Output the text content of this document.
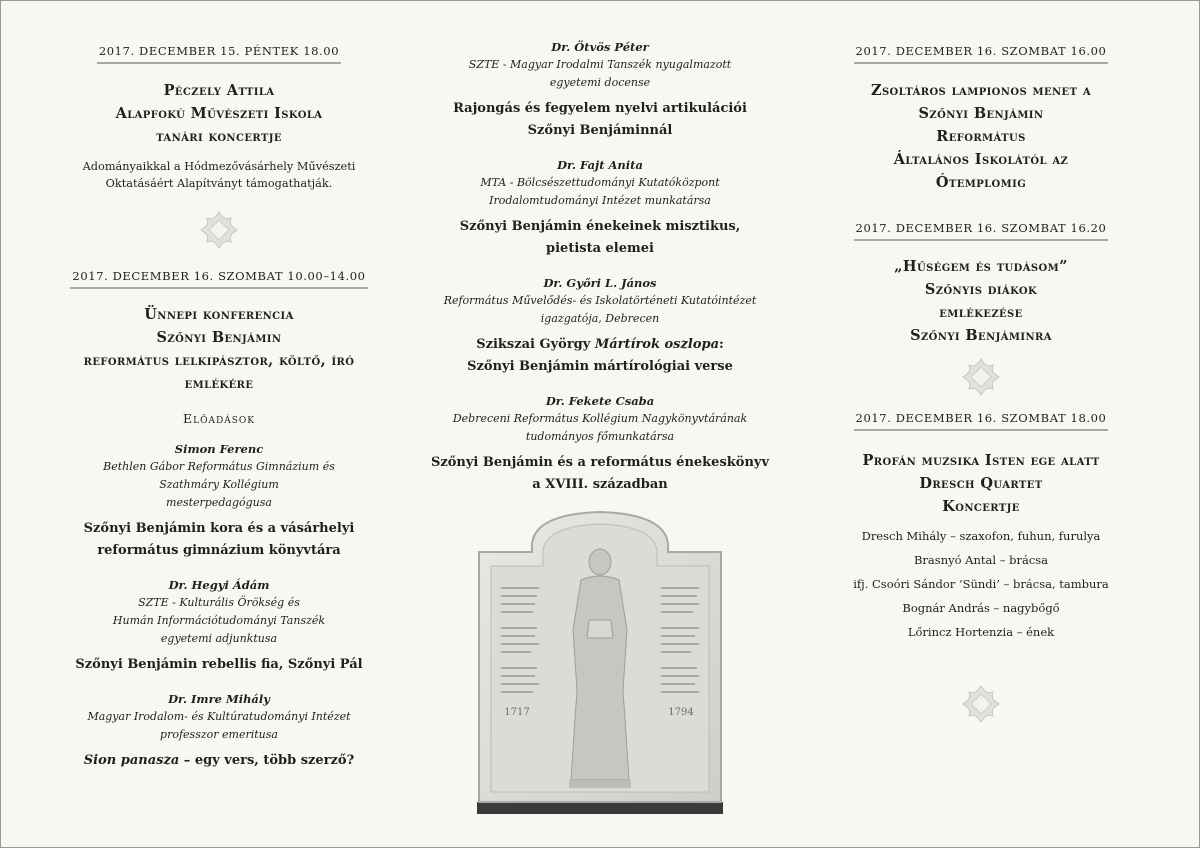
2017. DECEMBER 15. PÉNTEK 18.00
Péczely Attila
Alapfokú Művészeti Iskola
tanári koncertje
Adományaikkal a Hódmezővásárhely Művészeti
Oktatásáért Alapítványt támogathatják.
2017. DECEMBER 16. SZOMBAT 10.00–14.00
Ünnepi konferencia
Szőnyi Benjámin
református lelkipásztor, költő, író
emlékére
Előadások
Simon Ferenc
Bethlen Gábor Református Gimnázium és
Szathmáry Kollégium
mesterpedagógusa
Szőnyi Benjámin kora és a vásárhelyi
református gimnázium könyvtára
Dr. Hegyi Ádám
SZTE - Kulturális Örökség és
Humán Információtudományi Tanszék
egyetemi adjunktusa
Szőnyi Benjámin rebellis fia, Szőnyi Pál
Dr. Imre Mihály
Magyar Irodalom- és Kultúratudományi Intézet
professzor emeritusa
Sion panasza – egy vers, több szerző?
Dr. Ötvös Péter
SZTE - Magyar Irodalmi Tanszék nyugalmazott
egyetemi docense
Rajongás és fegyelem nyelvi artikulációi
Szőnyi Benjáminnál
Dr. Fajt Anita
MTA - Bölcsészettudományi Kutatóközpont
Irodalomtudományi Intézet munkatársa
Szőnyi Benjámin énekeinek misztikus,
pietista elemei
Dr. Győri L. János
Református Művelődés- és Iskolatörténeti Kutatóintézet
igazgatója, Debrecen
Szikszai György Mártírok oszlopa:
Szőnyi Benjámin mártírológiai verse
Dr. Fekete Csaba
Debreceni Református Kollégium Nagykönyvtárának
tudományos főmunkatársa
Szőnyi Benjámin és a református énekeskönyv
a XVIII. században
1717	1794
2017. DECEMBER 16. SZOMBAT 16.00
Zsoltáros lampionos menet a
Szőnyi Benjámin
Református
Általános Iskolától az
Ótemplomig
2017. DECEMBER 16. SZOMBAT 16.20
„Hűségem és tudásom”
Szőnyis diákok
emlékezése
Szőnyi Benjáminra
2017. DECEMBER 16. SZOMBAT 18.00
Profán muzsika Isten ege alatt
Dresch Quartet
Koncertje
Dresch Mihály – szaxofon, fuhun, furulya
Brasnyó Antal – brácsa
ifj. Csoóri Sándor ’Sündi’ – brácsa, tambura
Bognár András – nagybőgő
Lőrincz Hortenzia – ének
